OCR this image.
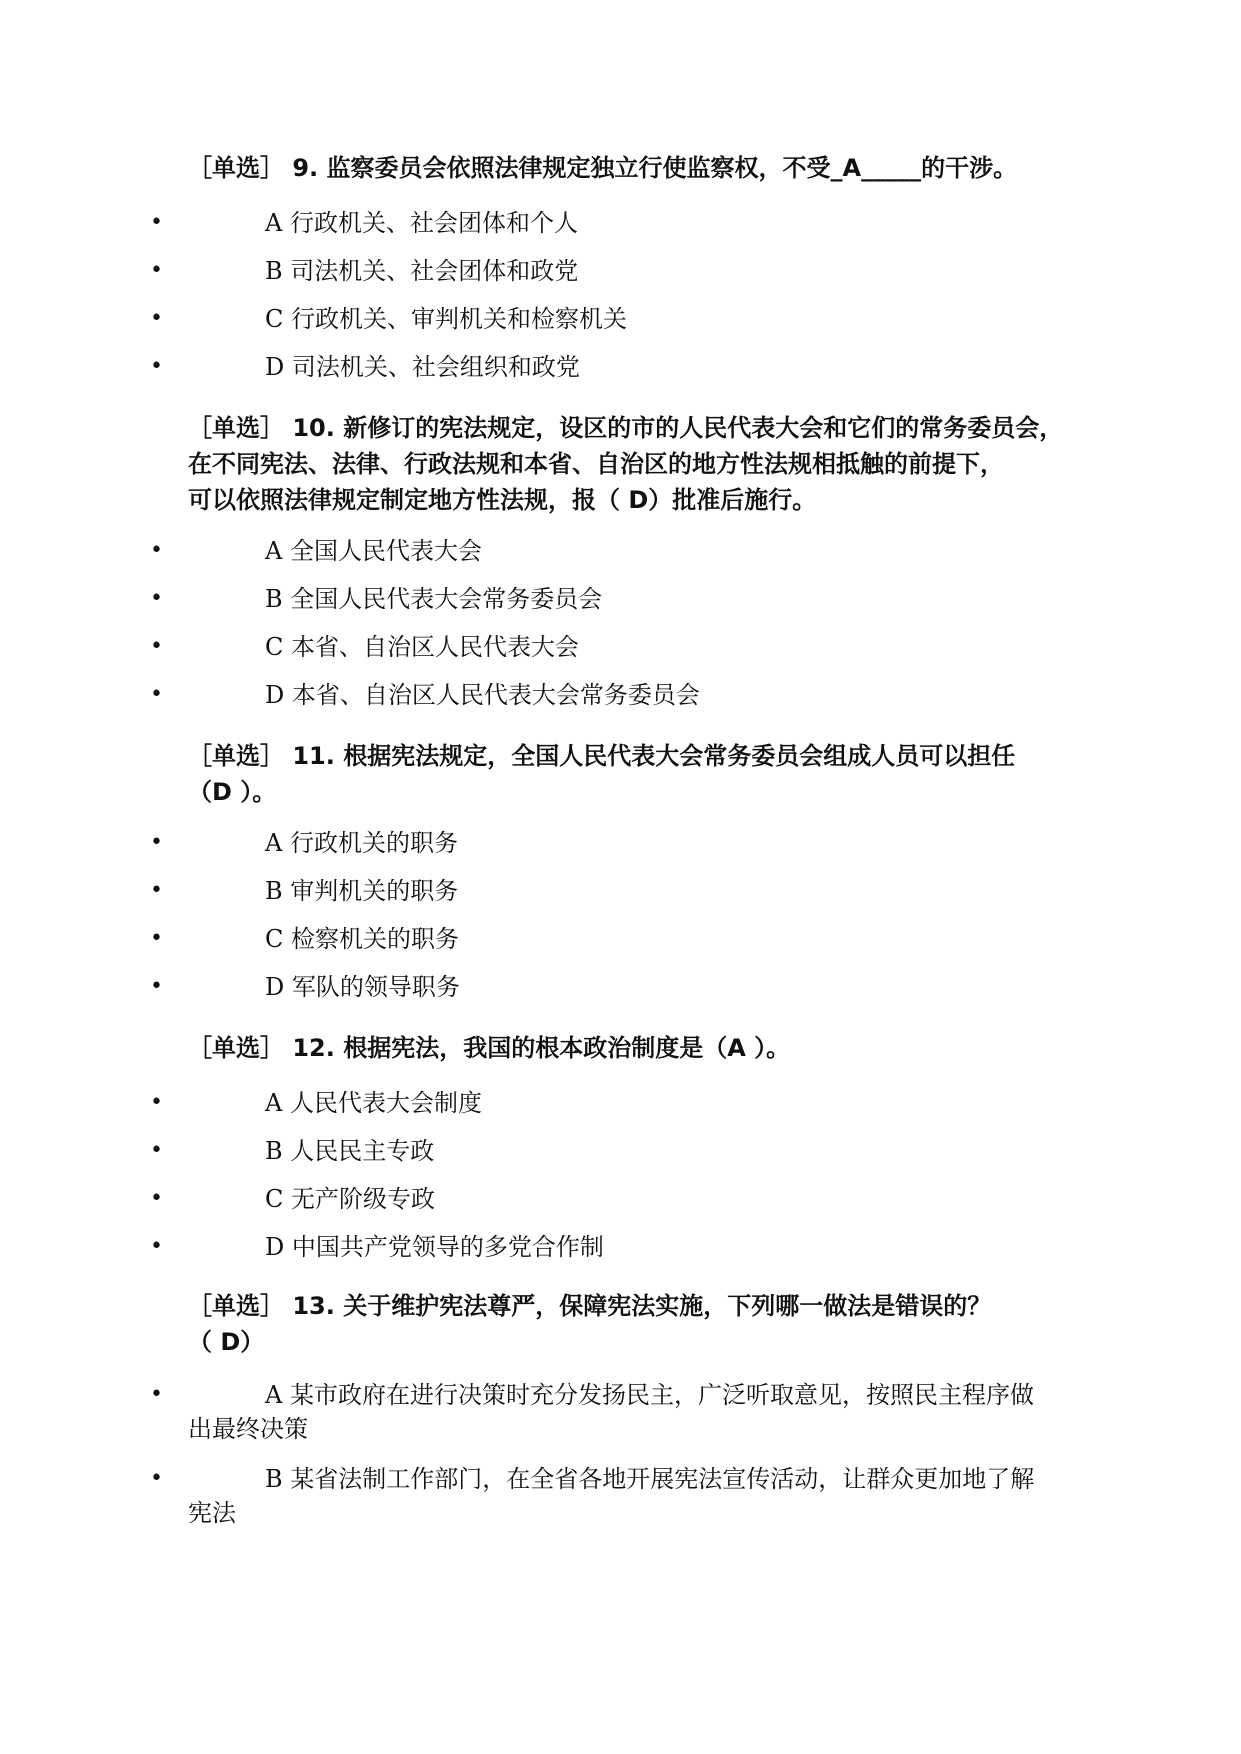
［单选］ 9. 监察委员会依照法律规定独立行使监察权，不受_A_____的干涉。
•	A 行政机关、社会团体和个人
•	B 司法机关、社会团体和政党
•	C 行政机关、审判机关和检察机关
•	D 司法机关、社会组织和政党
［单选］ 10. 新修订的宪法规定，设区的市的人民代表大会和它们的常务委员会，
在不同宪法、法律、行政法规和本省、自治区的地方性法规相抵触的前提下，
可以依照法律规定制定地方性法规，报（ D）批准后施行。
•	A 全国人民代表大会
•	B 全国人民代表大会常务委员会
•	C 本省、自治区人民代表大会
•	D 本省、自治区人民代表大会常务委员会
［单选］ 11. 根据宪法规定，全国人民代表大会常务委员会组成人员可以担任
（D ）。
•	A 行政机关的职务
•	B 审判机关的职务
•	C 检察机关的职务
•	D 军队的领导职务
［单选］ 12. 根据宪法，我国的根本政治制度是（A ）。
•	A 人民代表大会制度
•	B 人民民主专政
•	C 无产阶级专政
•	D 中国共产党领导的多党合作制
［单选］ 13. 关于维护宪法尊严，保障宪法实施，下列哪一做法是错误的？
（ D）
•	A 某市政府在进行决策时充分发扬民主，广泛听取意见，按照民主程序做
出最终决策
•	B 某省法制工作部门，在全省各地开展宪法宣传活动，让群众更加地了解
宪法
